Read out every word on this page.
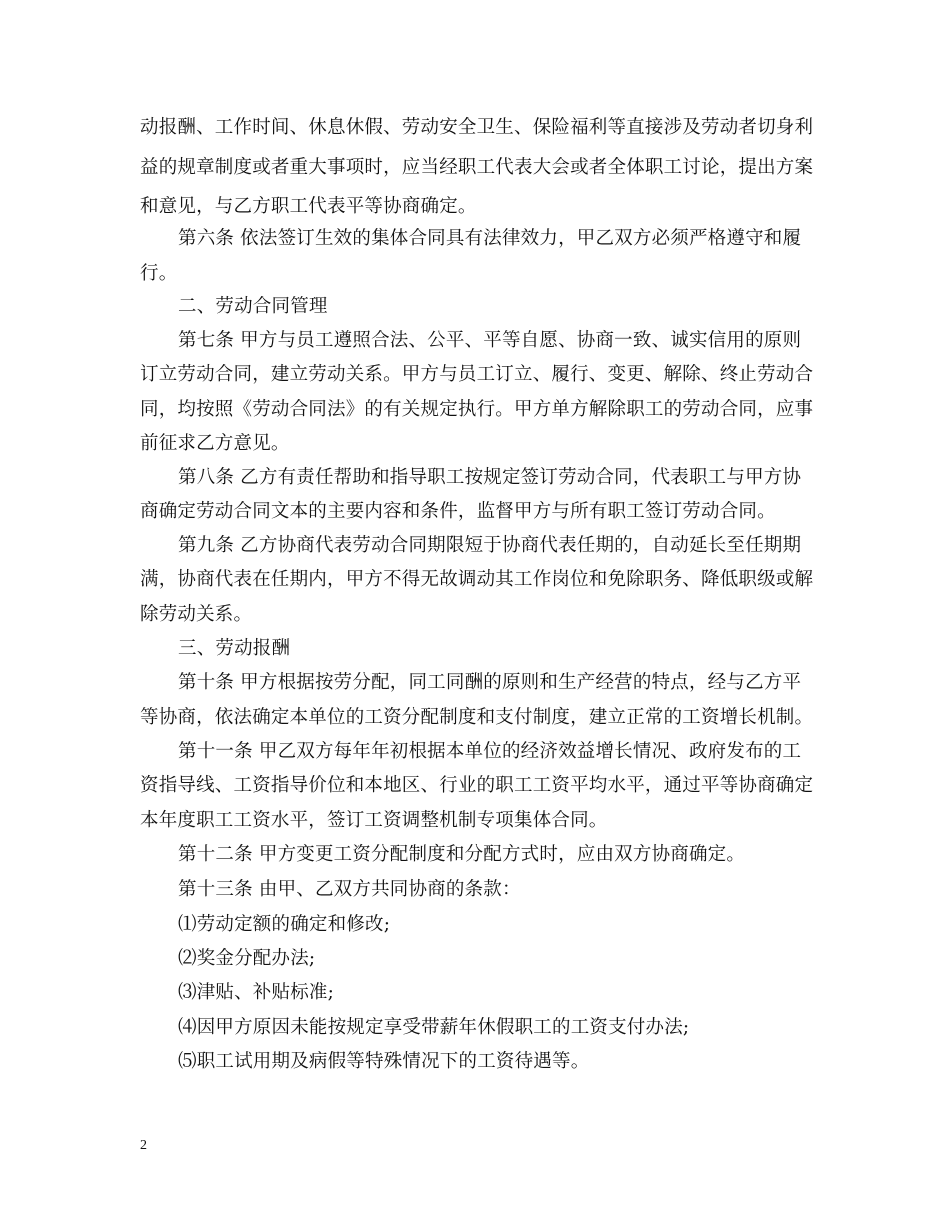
动报酬、工作时间、休息休假、劳动安全卫生、保险福利等直接涉及劳动者切身利
益的规章制度或者重大事项时，应当经职工代表大会或者全体职工讨论，提出方案
和意见，与乙方职工代表平等协商确定。
第六条 依法签订生效的集体合同具有法律效力，甲乙双方必须严格遵守和履
行。
二、劳动合同管理
第七条 甲方与员工遵照合法、公平、平等自愿、协商一致、诚实信用的原则
订立劳动合同，建立劳动关系。甲方与员工订立、履行、变更、解除、终止劳动合
同，均按照《劳动合同法》的有关规定执行。甲方单方解除职工的劳动合同，应事
前征求乙方意见。
第八条 乙方有责任帮助和指导职工按规定签订劳动合同，代表职工与甲方协
商确定劳动合同文本的主要内容和条件，监督甲方与所有职工签订劳动合同。
第九条 乙方协商代表劳动合同期限短于协商代表任期的，自动延长至任期期
满，协商代表在任期内，甲方不得无故调动其工作岗位和免除职务、降低职级或解
除劳动关系。
三、劳动报酬
第十条 甲方根据按劳分配，同工同酬的原则和生产经营的特点，经与乙方平
等协商，依法确定本单位的工资分配制度和支付制度，建立正常的工资增长机制。
第十一条 甲乙双方每年年初根据本单位的经济效益增长情况、政府发布的工
资指导线、工资指导价位和本地区、行业的职工工资平均水平，通过平等协商确定
本年度职工工资水平，签订工资调整机制专项集体合同。
第十二条 甲方变更工资分配制度和分配方式时，应由双方协商确定。
第十三条 由甲、乙双方共同协商的条款：
⑴劳动定额的确定和修改;
⑵奖金分配办法;
⑶津贴、补贴标准;
⑷因甲方原因未能按规定享受带薪年休假职工的工资支付办法;
⑸职工试用期及病假等特殊情况下的工资待遇等。
2
